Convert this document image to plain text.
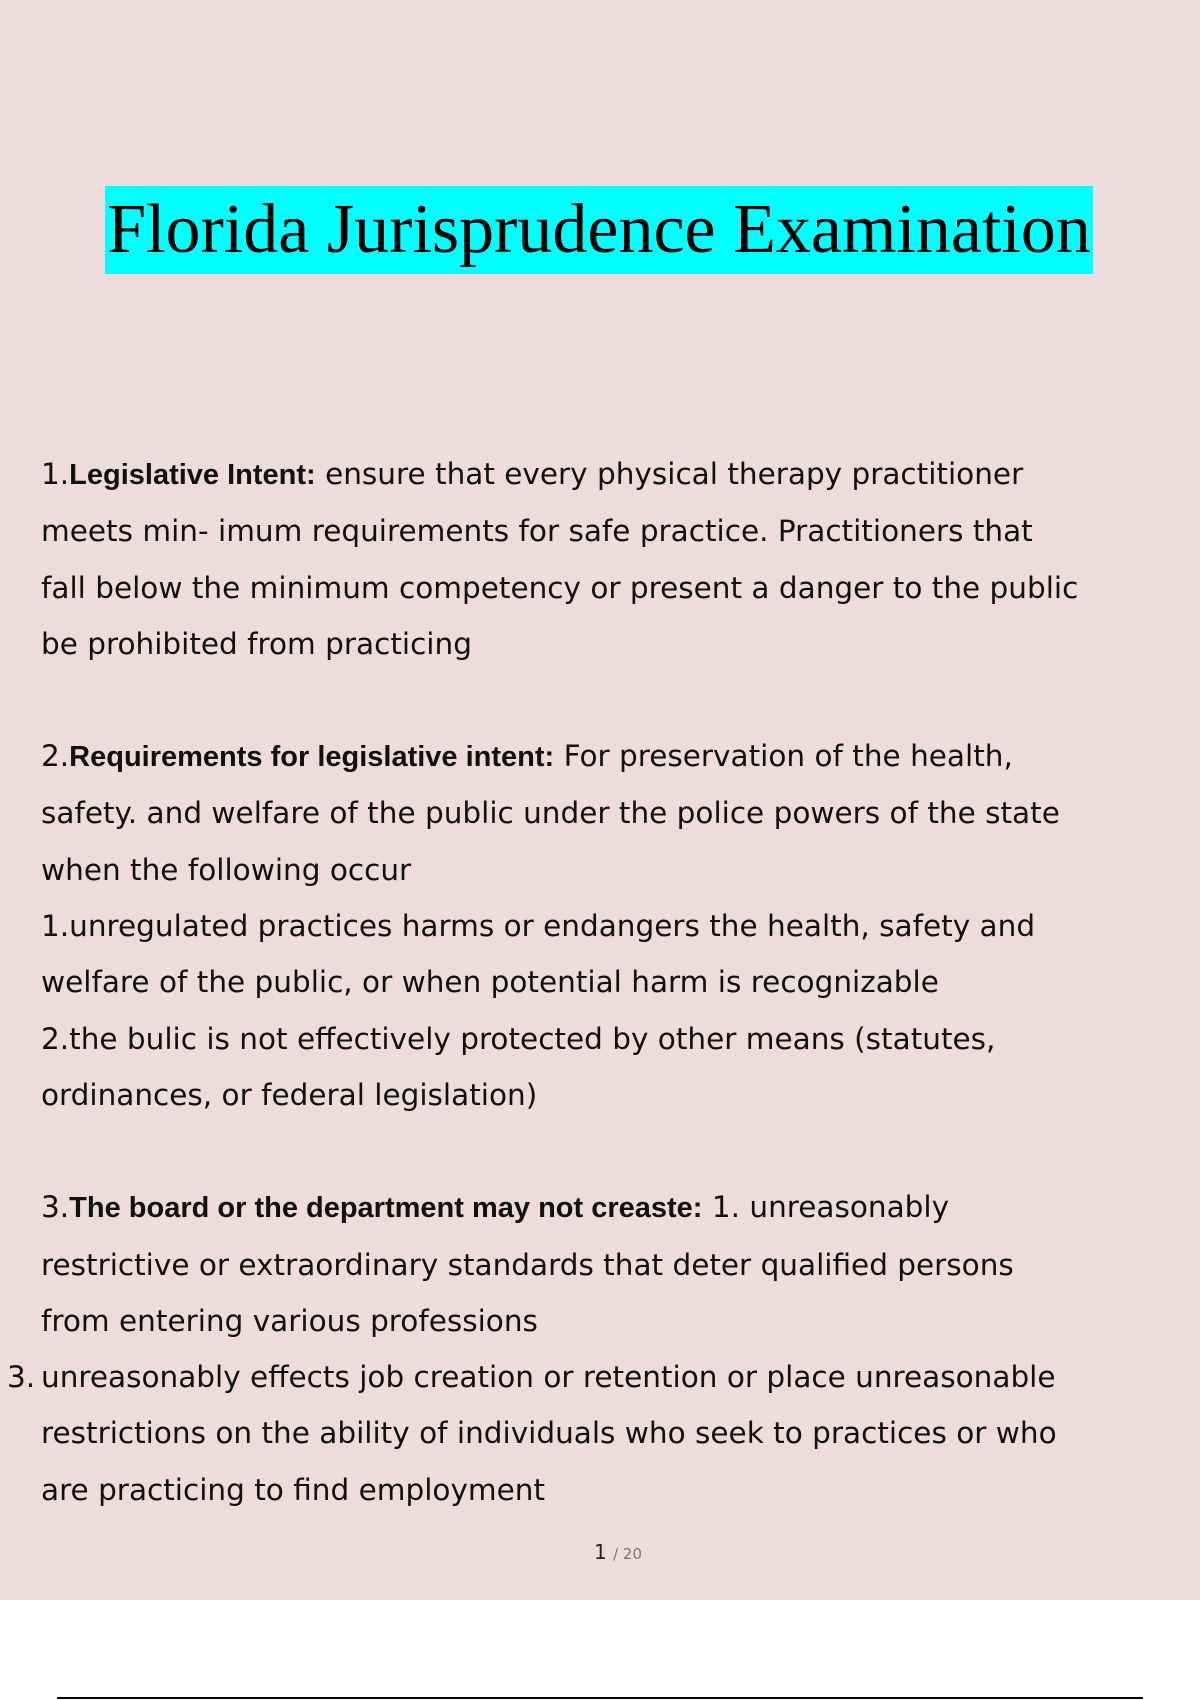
Florida Jurisprudence Examination
1.Legislative Intent: ensure that every physical therapy practitioner
meets min- imum requirements for safe practice. Practitioners that
fall below the minimum competency or present a danger to the public
be prohibited from practicing
2.Requirements for legislative intent: For preservation of the health,
safety. and welfare of the public under the police powers of the state
when the following occur
1.unregulated practices harms or endangers the health, safety and
welfare of the public, or when potential harm is recognizable
2.the bulic is not effectively protected by other means (statutes,
ordinances, or federal legislation)
3.The board or the department may not creaste: 1. unreasonably
restrictive or extraordinary standards that deter qualified persons
from entering various professions
3. unreasonably effects job creation or retention or place unreasonable
restrictions on the ability of individuals who seek to practices or who
are practicing to find employment
1 / 20
